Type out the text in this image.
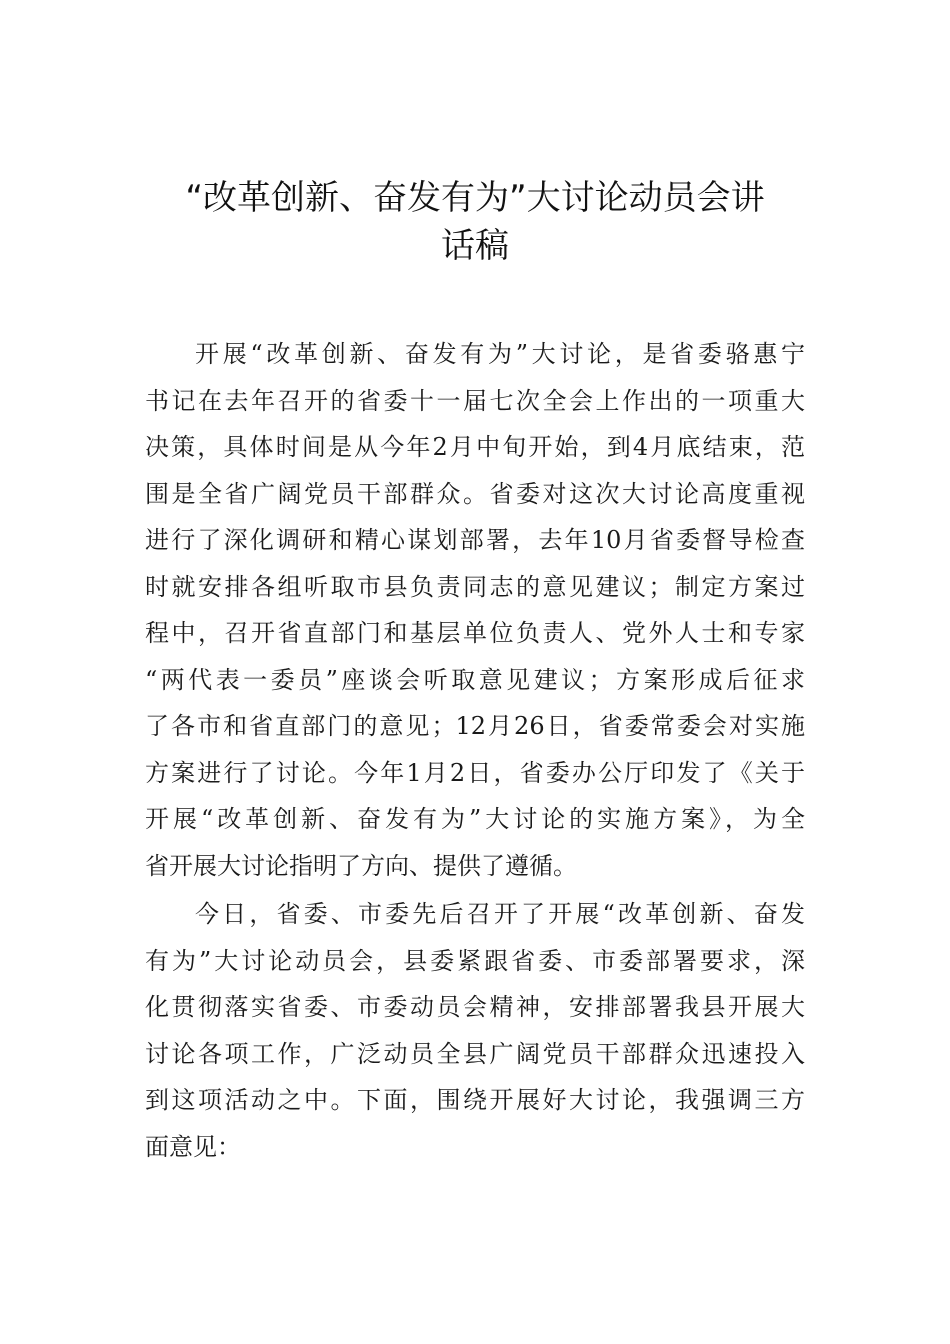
“改革创新、奋发有为”大讨论动员会讲
话稿
开展“改革创新、奋发有为”大讨论，是省委骆惠宁
书记在去年召开的省委十一届七次全会上作出的一项重大
决策，具体时间是从今年2月中旬开始，到4月底结束，范
围是全省广阔党员干部群众。省委对这次大讨论高度重视
进行了深化调研和精心谋划部署，去年10月省委督导检查
时就安排各组听取市县负责同志的意见建议；制定方案过
程中，召开省直部门和基层单位负责人、党外人士和专家
“两代表一委员”座谈会听取意见建议；方案形成后征求
了各市和省直部门的意见；12月26日，省委常委会对实施
方案进行了讨论。今年1月2日，省委办公厅印发了《关于
开展“改革创新、奋发有为”大讨论的实施方案》，为全
省开展大讨论指明了方向、提供了遵循。
今日，省委、市委先后召开了开展“改革创新、奋发
有为”大讨论动员会，县委紧跟省委、市委部署要求，深
化贯彻落实省委、市委动员会精神，安排部署我县开展大
讨论各项工作，广泛动员全县广阔党员干部群众迅速投入
到这项活动之中。下面，围绕开展好大讨论，我强调三方
面意见：
